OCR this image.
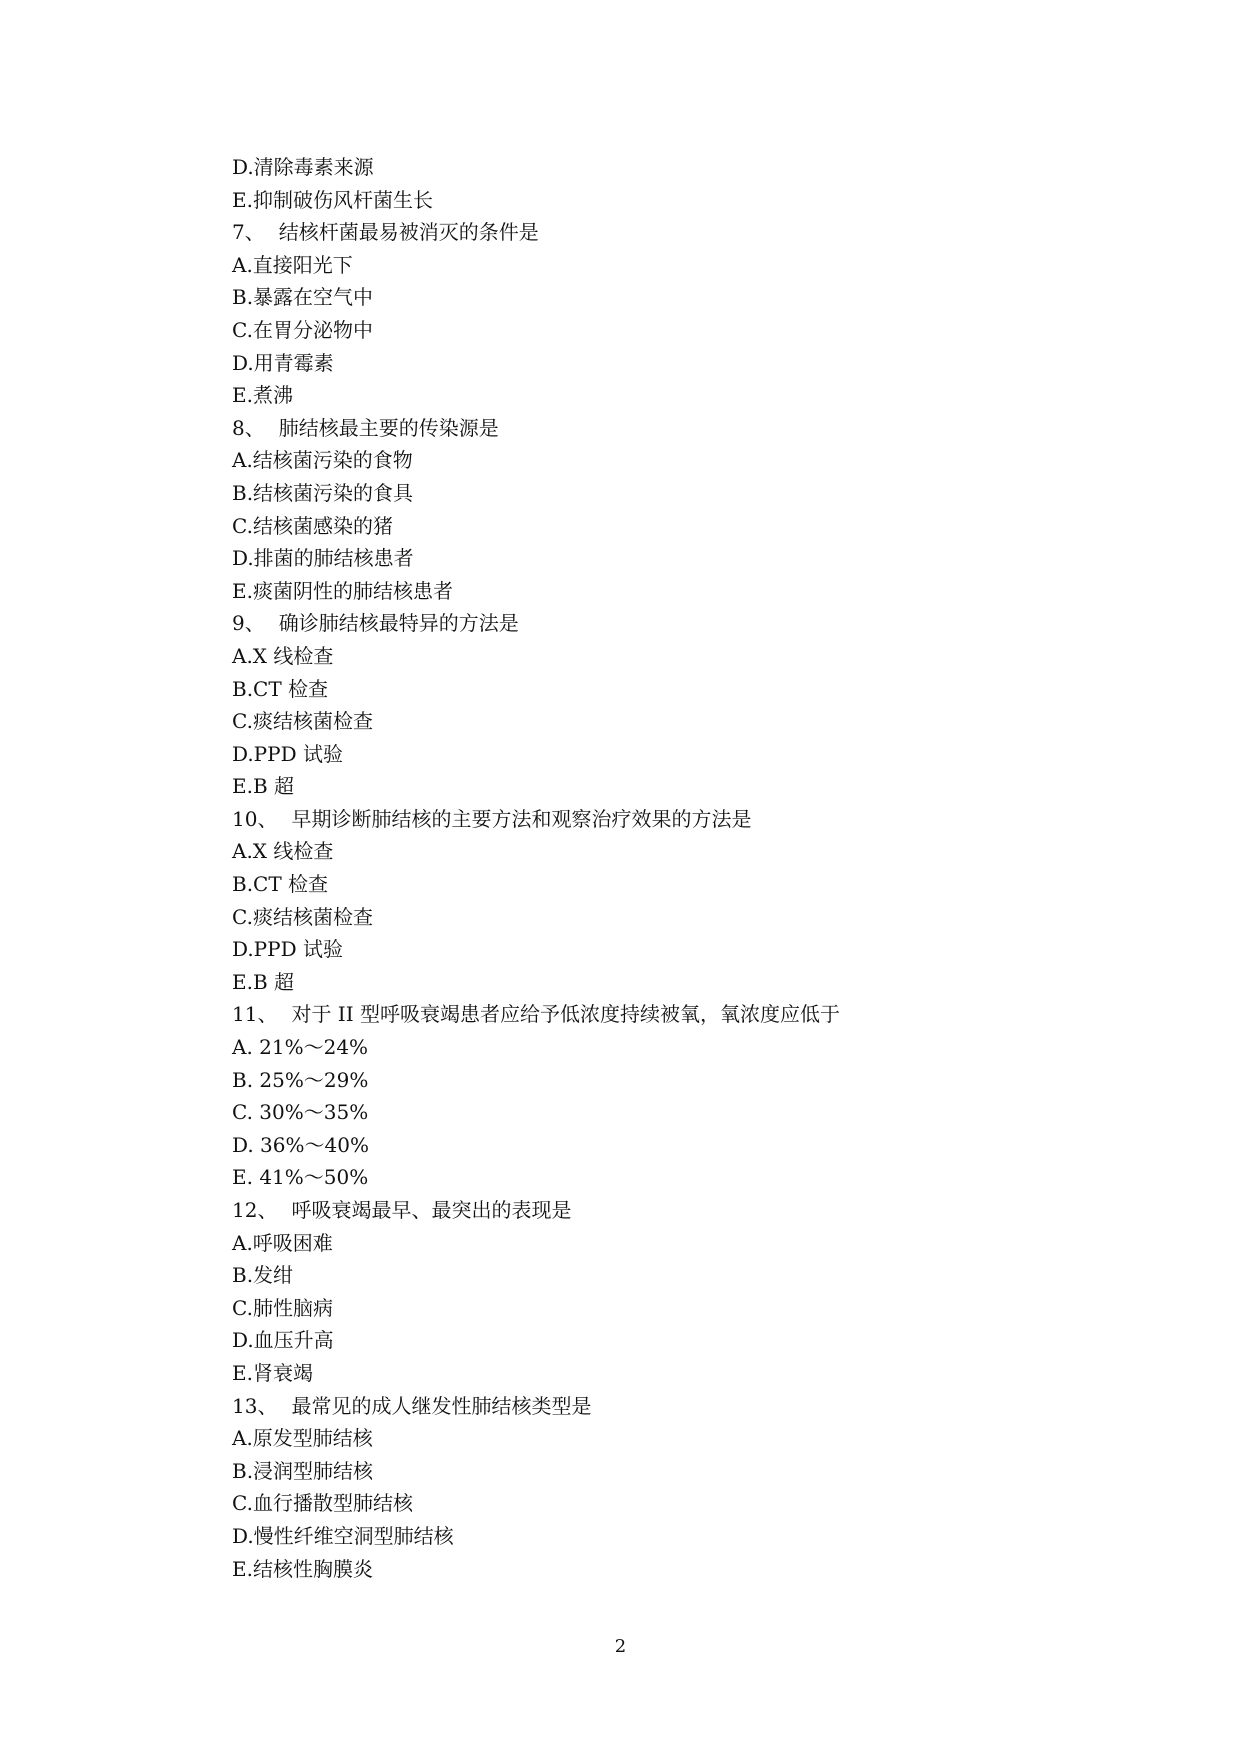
D.清除毒素来源
E.抑制破伤风杆菌生长
7、 结核杆菌最易被消灭的条件是
A.直接阳光下
B.暴露在空气中
C.在胃分泌物中
D.用青霉素
E.煮沸
8、 肺结核最主要的传染源是
A.结核菌污染的食物
B.结核菌污染的食具
C.结核菌感染的猪
D.排菌的肺结核患者
E.痰菌阴性的肺结核患者
9、 确诊肺结核最特异的方法是
A.X 线检查
B.CT 检查
C.痰结核菌检查
D.PPD 试验
E.B 超
10、 早期诊断肺结核的主要方法和观察治疗效果的方法是
A.X 线检查
B.CT 检查
C.痰结核菌检查
D.PPD 试验
E.B 超
11、 对于 II 型呼吸衰竭患者应给予低浓度持续被氧，氧浓度应低于
A. 21%～24%
B. 25%～29%
C. 30%～35%
D. 36%～40%
E. 41%～50%
12、 呼吸衰竭最早、最突出的表现是
A.呼吸困难
B.发绀
C.肺性脑病
D.血压升高
E.肾衰竭
13、 最常见的成人继发性肺结核类型是
A.原发型肺结核
B.浸润型肺结核
C.血行播散型肺结核
D.慢性纤维空洞型肺结核
E.结核性胸膜炎
2
